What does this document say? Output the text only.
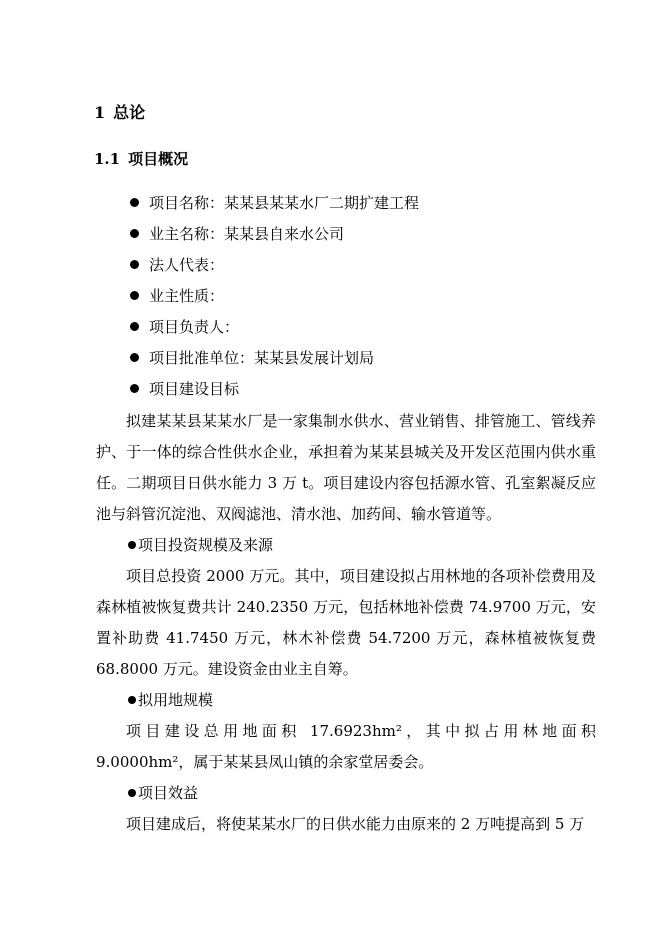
1 总论
1.1 项目概况
项目名称：某某县某某水厂二期扩建工程
业主名称：某某县自来水公司
法人代表：
业主性质：
项目负责人：
项目批准单位：某某县发展计划局
项目建设目标

拟建某某县某某水厂是一家集制水供水、营业销售、排管施工、管线养护、于一体的综合性供水企业，承担着为某某县城关及开发区范围内供水重任。二期项目日供水能力 3 万 t。项目建设内容包括源水管、孔室絮凝反应池与斜管沉淀池、双阀滤池、清水池、加药间、输水管道等。

项目投资规模及来源

项目总投资 2000 万元。其中，项目建设拟占用林地的各项补偿费用及森林植被恢复费共计 240.2350 万元，包括林地补偿费 74.9700 万元，安置补助费 41.7450 万元，林木补偿费 54.7200 万元，森林植被恢复费 68.8000 万元。建设资金由业主自筹。

拟用地规模

项目建设总用地面积 17.6923hm²，其中拟占用林地面积 9.0000hm²，属于某某县凤山镇的余家堂居委会。

项目效益

项目建成后，将使某某水厂的日供水能力由原来的 2 万吨提高到 5 万
